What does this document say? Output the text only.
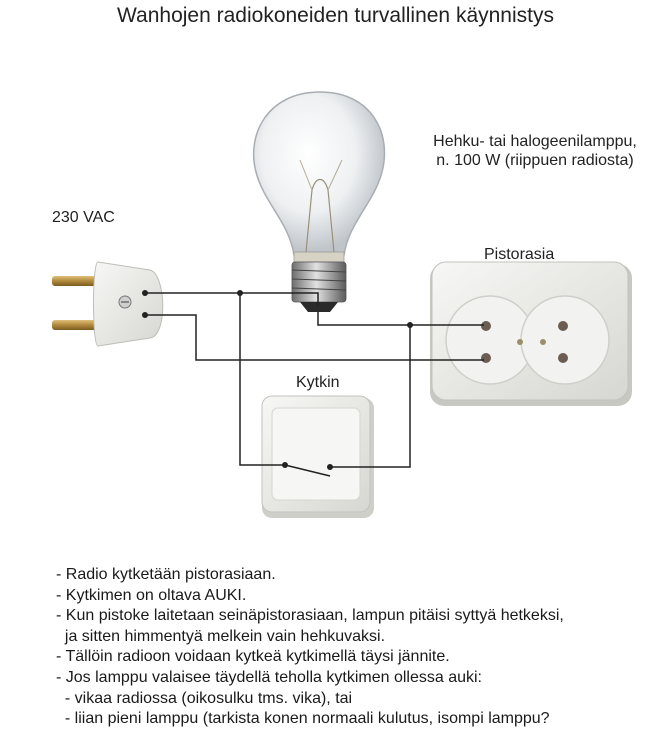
Wanhojen radiokoneiden turvallinen käynnistys
230 VAC
Hehku- tai halogeenilamppu,
n. 100 W (riippuen radiosta)
Pistorasia
Kytkin
- Radio kytketään pistorasiaan.
- Kytkimen on oltava AUKI.
- Kun pistoke laitetaan seinäpistorasiaan, lampun pitäisi syttyä hetkeksi,
ja sitten himmentyä melkein vain hehkuvaksi.
- Tällöin radioon voidaan kytkeä kytkimellä täysi jännite.
- Jos lamppu valaisee täydellä teholla kytkimen ollessa auki:
- vikaa radiossa (oikosulku tms. vika), tai
- liian pieni lamppu (tarkista konen normaali kulutus, isompi lamppu?
